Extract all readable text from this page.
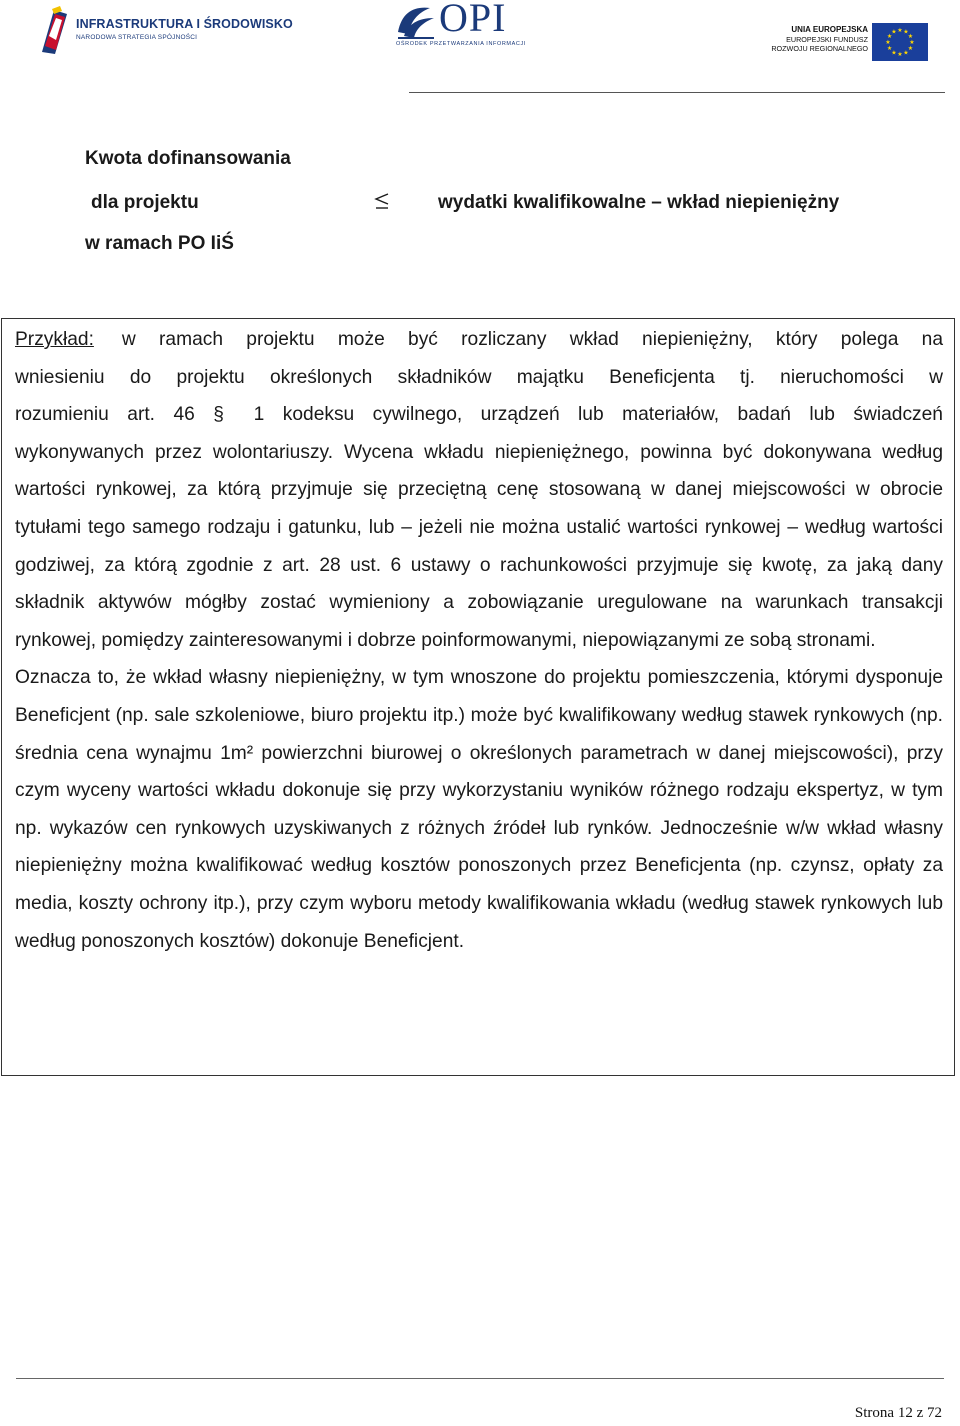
INFRASTRUKTURA I ŚRODOWISKO
NARODOWA STRATEGIA SPÓJNOŚCI	OPI
OŚRODEK PRZETWARZANIA INFORMACJI
UNIA EUROPEJSKA
EUROPEJSKI FUNDUSZ
ROZWOJU REGIONALNEGO
★ ★
★
★
★
★
★
★
★
★
★
★
Kwota dofinansowania
dla projektu	wydatki kwalifikowalne – wkład niepieniężny
w ramach PO IiŚ

Przykład: w ramach projektu może być rozliczany wkład niepieniężny, który polega na

wniesieniu do projektu określonych składników majątku Beneficjenta tj. nieruchomości w

rozumieniu art. 46 § 1 kodeksu cywilnego, urządzeń lub materiałów, badań lub świadczeń

wykonywanych przez wolontariuszy. Wycena wkładu niepieniężnego, powinna być dokonywana według wartości rynkowej, za którą przyjmuje się przeciętną cenę stosowaną w danej miejscowości w obrocie tytułami tego samego rodzaju i gatunku, lub – jeżeli nie można ustalić wartości rynkowej – według wartości godziwej, za którą zgodnie z art. 28 ust. 6 ustawy o rachunkowości przyjmuje się kwotę, za jaką dany składnik aktywów mógłby zostać wymieniony a zobowiązanie uregulowane na warunkach transakcji rynkowej, pomiędzy zainteresowanymi i dobrze poinformowanymi, niepowiązanymi ze sobą stronami.

Oznacza to, że wkład własny niepieniężny, w tym wnoszone do projektu pomieszczenia, którymi dysponuje Beneficjent (np. sale szkoleniowe, biuro projektu itp.) może być kwalifikowany według stawek rynkowych (np. średnia cena wynajmu 1m² powierzchni biurowej o określonych parametrach w danej miejscowości), przy czym wyceny wartości wkładu dokonuje się przy wykorzystaniu wyników różnego rodzaju ekspertyz, w tym np. wykazów cen rynkowych uzyskiwanych z różnych źródeł lub rynków. Jednocześnie w/w wkład własny niepieniężny można kwalifikować według kosztów ponoszonych przez Beneficjenta (np. czynsz, opłaty za media, koszty ochrony itp.), przy czym wyboru metody kwalifikowania wkładu (według stawek rynkowych lub według ponoszonych kosztów) dokonuje Beneficjent.

Strona 12 z 72
